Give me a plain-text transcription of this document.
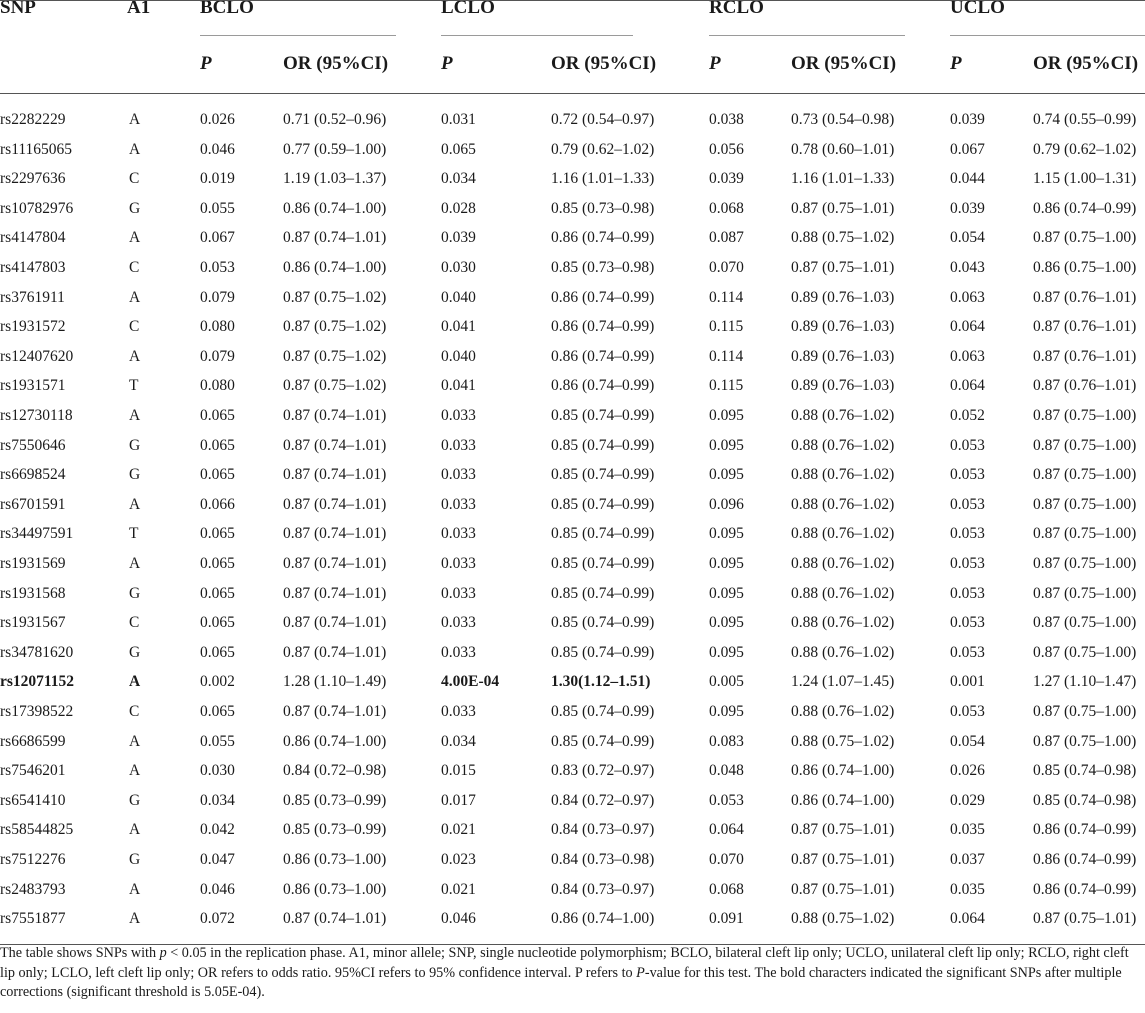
SNP	A1	BCLO
P	OR (95%CI)
LCLO
P	OR (95%CI)
RCLO
P	OR (95%CI)
UCLO
P	OR (95%CI)
rs2282229	A	0.026	0.71 (0.52–0.96)	0.031	0.72 (0.54–0.97)	0.038	0.73 (0.54–0.98)	0.039	0.74 (0.55–0.99)
rs11165065	A	0.046	0.77 (0.59–1.00)	0.065	0.79 (0.62–1.02)	0.056	0.78 (0.60–1.01)	0.067	0.79 (0.62–1.02)
rs2297636	C	0.019	1.19 (1.03–1.37)	0.034	1.16 (1.01–1.33)	0.039	1.16 (1.01–1.33)	0.044	1.15 (1.00–1.31)
rs10782976	G	0.055	0.86 (0.74–1.00)	0.028	0.85 (0.73–0.98)	0.068	0.87 (0.75–1.01)	0.039	0.86 (0.74–0.99)
rs4147804	A	0.067	0.87 (0.74–1.01)	0.039	0.86 (0.74–0.99)	0.087	0.88 (0.75–1.02)	0.054	0.87 (0.75–1.00)
rs4147803	C	0.053	0.86 (0.74–1.00)	0.030	0.85 (0.73–0.98)	0.070	0.87 (0.75–1.01)	0.043	0.86 (0.75–1.00)
rs3761911	A	0.079	0.87 (0.75–1.02)	0.040	0.86 (0.74–0.99)	0.114	0.89 (0.76–1.03)	0.063	0.87 (0.76–1.01)
rs1931572	C	0.080	0.87 (0.75–1.02)	0.041	0.86 (0.74–0.99)	0.115	0.89 (0.76–1.03)	0.064	0.87 (0.76–1.01)
rs12407620	A	0.079	0.87 (0.75–1.02)	0.040	0.86 (0.74–0.99)	0.114	0.89 (0.76–1.03)	0.063	0.87 (0.76–1.01)
rs1931571	T	0.080	0.87 (0.75–1.02)	0.041	0.86 (0.74–0.99)	0.115	0.89 (0.76–1.03)	0.064	0.87 (0.76–1.01)
rs12730118	A	0.065	0.87 (0.74–1.01)	0.033	0.85 (0.74–0.99)	0.095	0.88 (0.76–1.02)	0.052	0.87 (0.75–1.00)
rs7550646	G	0.065	0.87 (0.74–1.01)	0.033	0.85 (0.74–0.99)	0.095	0.88 (0.76–1.02)	0.053	0.87 (0.75–1.00)
rs6698524	G	0.065	0.87 (0.74–1.01)	0.033	0.85 (0.74–0.99)	0.095	0.88 (0.76–1.02)	0.053	0.87 (0.75–1.00)
rs6701591	A	0.066	0.87 (0.74–1.01)	0.033	0.85 (0.74–0.99)	0.096	0.88 (0.76–1.02)	0.053	0.87 (0.75–1.00)
rs34497591	T	0.065	0.87 (0.74–1.01)	0.033	0.85 (0.74–0.99)	0.095	0.88 (0.76–1.02)	0.053	0.87 (0.75–1.00)
rs1931569	A	0.065	0.87 (0.74–1.01)	0.033	0.85 (0.74–0.99)	0.095	0.88 (0.76–1.02)	0.053	0.87 (0.75–1.00)
rs1931568	G	0.065	0.87 (0.74–1.01)	0.033	0.85 (0.74–0.99)	0.095	0.88 (0.76–1.02)	0.053	0.87 (0.75–1.00)
rs1931567	C	0.065	0.87 (0.74–1.01)	0.033	0.85 (0.74–0.99)	0.095	0.88 (0.76–1.02)	0.053	0.87 (0.75–1.00)
rs34781620	G	0.065	0.87 (0.74–1.01)	0.033	0.85 (0.74–0.99)	0.095	0.88 (0.76–1.02)	0.053	0.87 (0.75–1.00)
rs12071152	A	0.002	1.28 (1.10–1.49)	4.00E-04	1.30(1.12–1.51)	0.005	1.24 (1.07–1.45)	0.001	1.27 (1.10–1.47)
rs17398522	C	0.065	0.87 (0.74–1.01)	0.033	0.85 (0.74–0.99)	0.095	0.88 (0.76–1.02)	0.053	0.87 (0.75–1.00)
rs6686599	A	0.055	0.86 (0.74–1.00)	0.034	0.85 (0.74–0.99)	0.083	0.88 (0.75–1.02)	0.054	0.87 (0.75–1.00)
rs7546201	A	0.030	0.84 (0.72–0.98)	0.015	0.83 (0.72–0.97)	0.048	0.86 (0.74–1.00)	0.026	0.85 (0.74–0.98)
rs6541410	G	0.034	0.85 (0.73–0.99)	0.017	0.84 (0.72–0.97)	0.053	0.86 (0.74–1.00)	0.029	0.85 (0.74–0.98)
rs58544825	A	0.042	0.85 (0.73–0.99)	0.021	0.84 (0.73–0.97)	0.064	0.87 (0.75–1.01)	0.035	0.86 (0.74–0.99)
rs7512276	G	0.047	0.86 (0.73–1.00)	0.023	0.84 (0.73–0.98)	0.070	0.87 (0.75–1.01)	0.037	0.86 (0.74–0.99)
rs2483793	A	0.046	0.86 (0.73–1.00)	0.021	0.84 (0.73–0.97)	0.068	0.87 (0.75–1.01)	0.035	0.86 (0.74–0.99)
rs7551877	A	0.072	0.87 (0.74–1.01)	0.046	0.86 (0.74–1.00)	0.091	0.88 (0.75–1.02)	0.064	0.87 (0.75–1.01)

The table shows SNPs with p < 0.05 in the replication phase. A1, minor allele; SNP, single nucleotide polymorphism; BCLO, bilateral cleft lip only; UCLO, unilateral cleft lip only; RCLO, right cleft lip only; LCLO, left cleft lip only; OR refers to odds ratio. 95%CI refers to 95% confidence interval. P refers to P-value for this test. The bold characters indicated the significant SNPs after multiple corrections (significant threshold is 5.05E-04).
